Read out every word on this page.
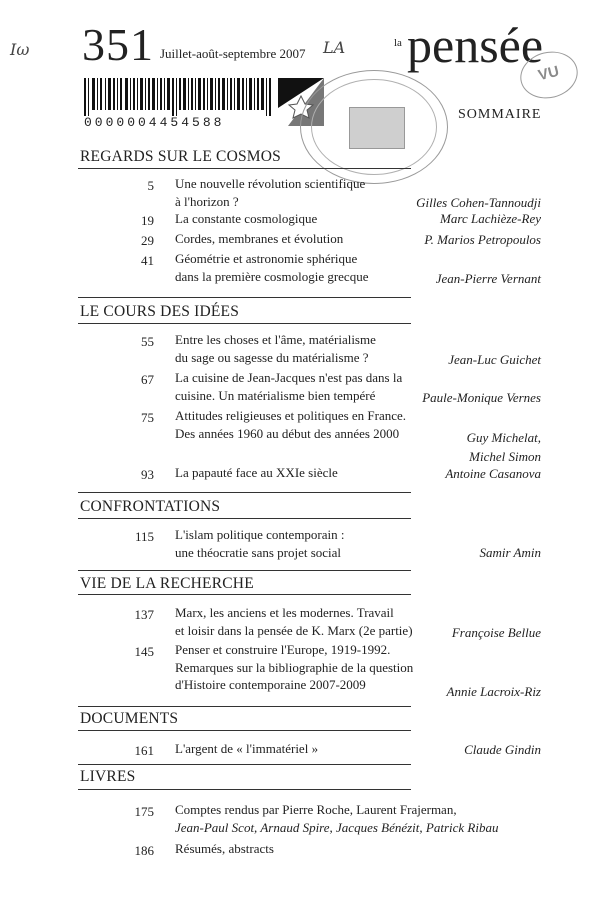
Ιω	LA
351 Juillet-août-septembre 2007
la pensée
VU
0000004454588
SOMMAIRE
REGARDS SUR LE COSMOS
5 Une nouvelle révolution scientifique
à l'horizon ?	Gilles Cohen-Tannoudji
19 La constante cosmologique	Marc Lachièze-Rey
29 Cordes, membranes et évolution	P. Marios Petropoulos
41 Géométrie et astronomie sphérique
dans la première cosmologie grecque	Jean-Pierre Vernant
LE COURS DES IDÉES
55 Entre les choses et l'âme, matérialisme
du sage ou sagesse du matérialisme ?	Jean-Luc Guichet
67 La cuisine de Jean-Jacques n'est pas dans la
cuisine. Un matérialisme bien tempéré	Paule-Monique Vernes
75 Attitudes religieuses et politiques en France.
Des années 1960 au début des années 2000	Guy Michelat,
Michel Simon
93 La papauté face au XXIe siècle	Antoine Casanova
CONFRONTATIONS
115 L'islam politique contemporain :
une théocratie sans projet social	Samir Amin
VIE DE LA RECHERCHE
137 Marx, les anciens et les modernes. Travail
et loisir dans la pensée de K. Marx (2e partie)	Françoise Bellue
145 Penser et construire l'Europe, 1919-1992.
Remarques sur la bibliographie de la question
d'Histoire contemporaine 2007-2009	Annie Lacroix-Riz
DOCUMENTS
161 L'argent de « l'immatériel »	Claude Gindin
LIVRES
175 Comptes rendus par Pierre Roche, Laurent Frajerman,
Jean-Paul Scot, Arnaud Spire, Jacques Bénézit, Patrick Ribau
186 Résumés, abstracts
